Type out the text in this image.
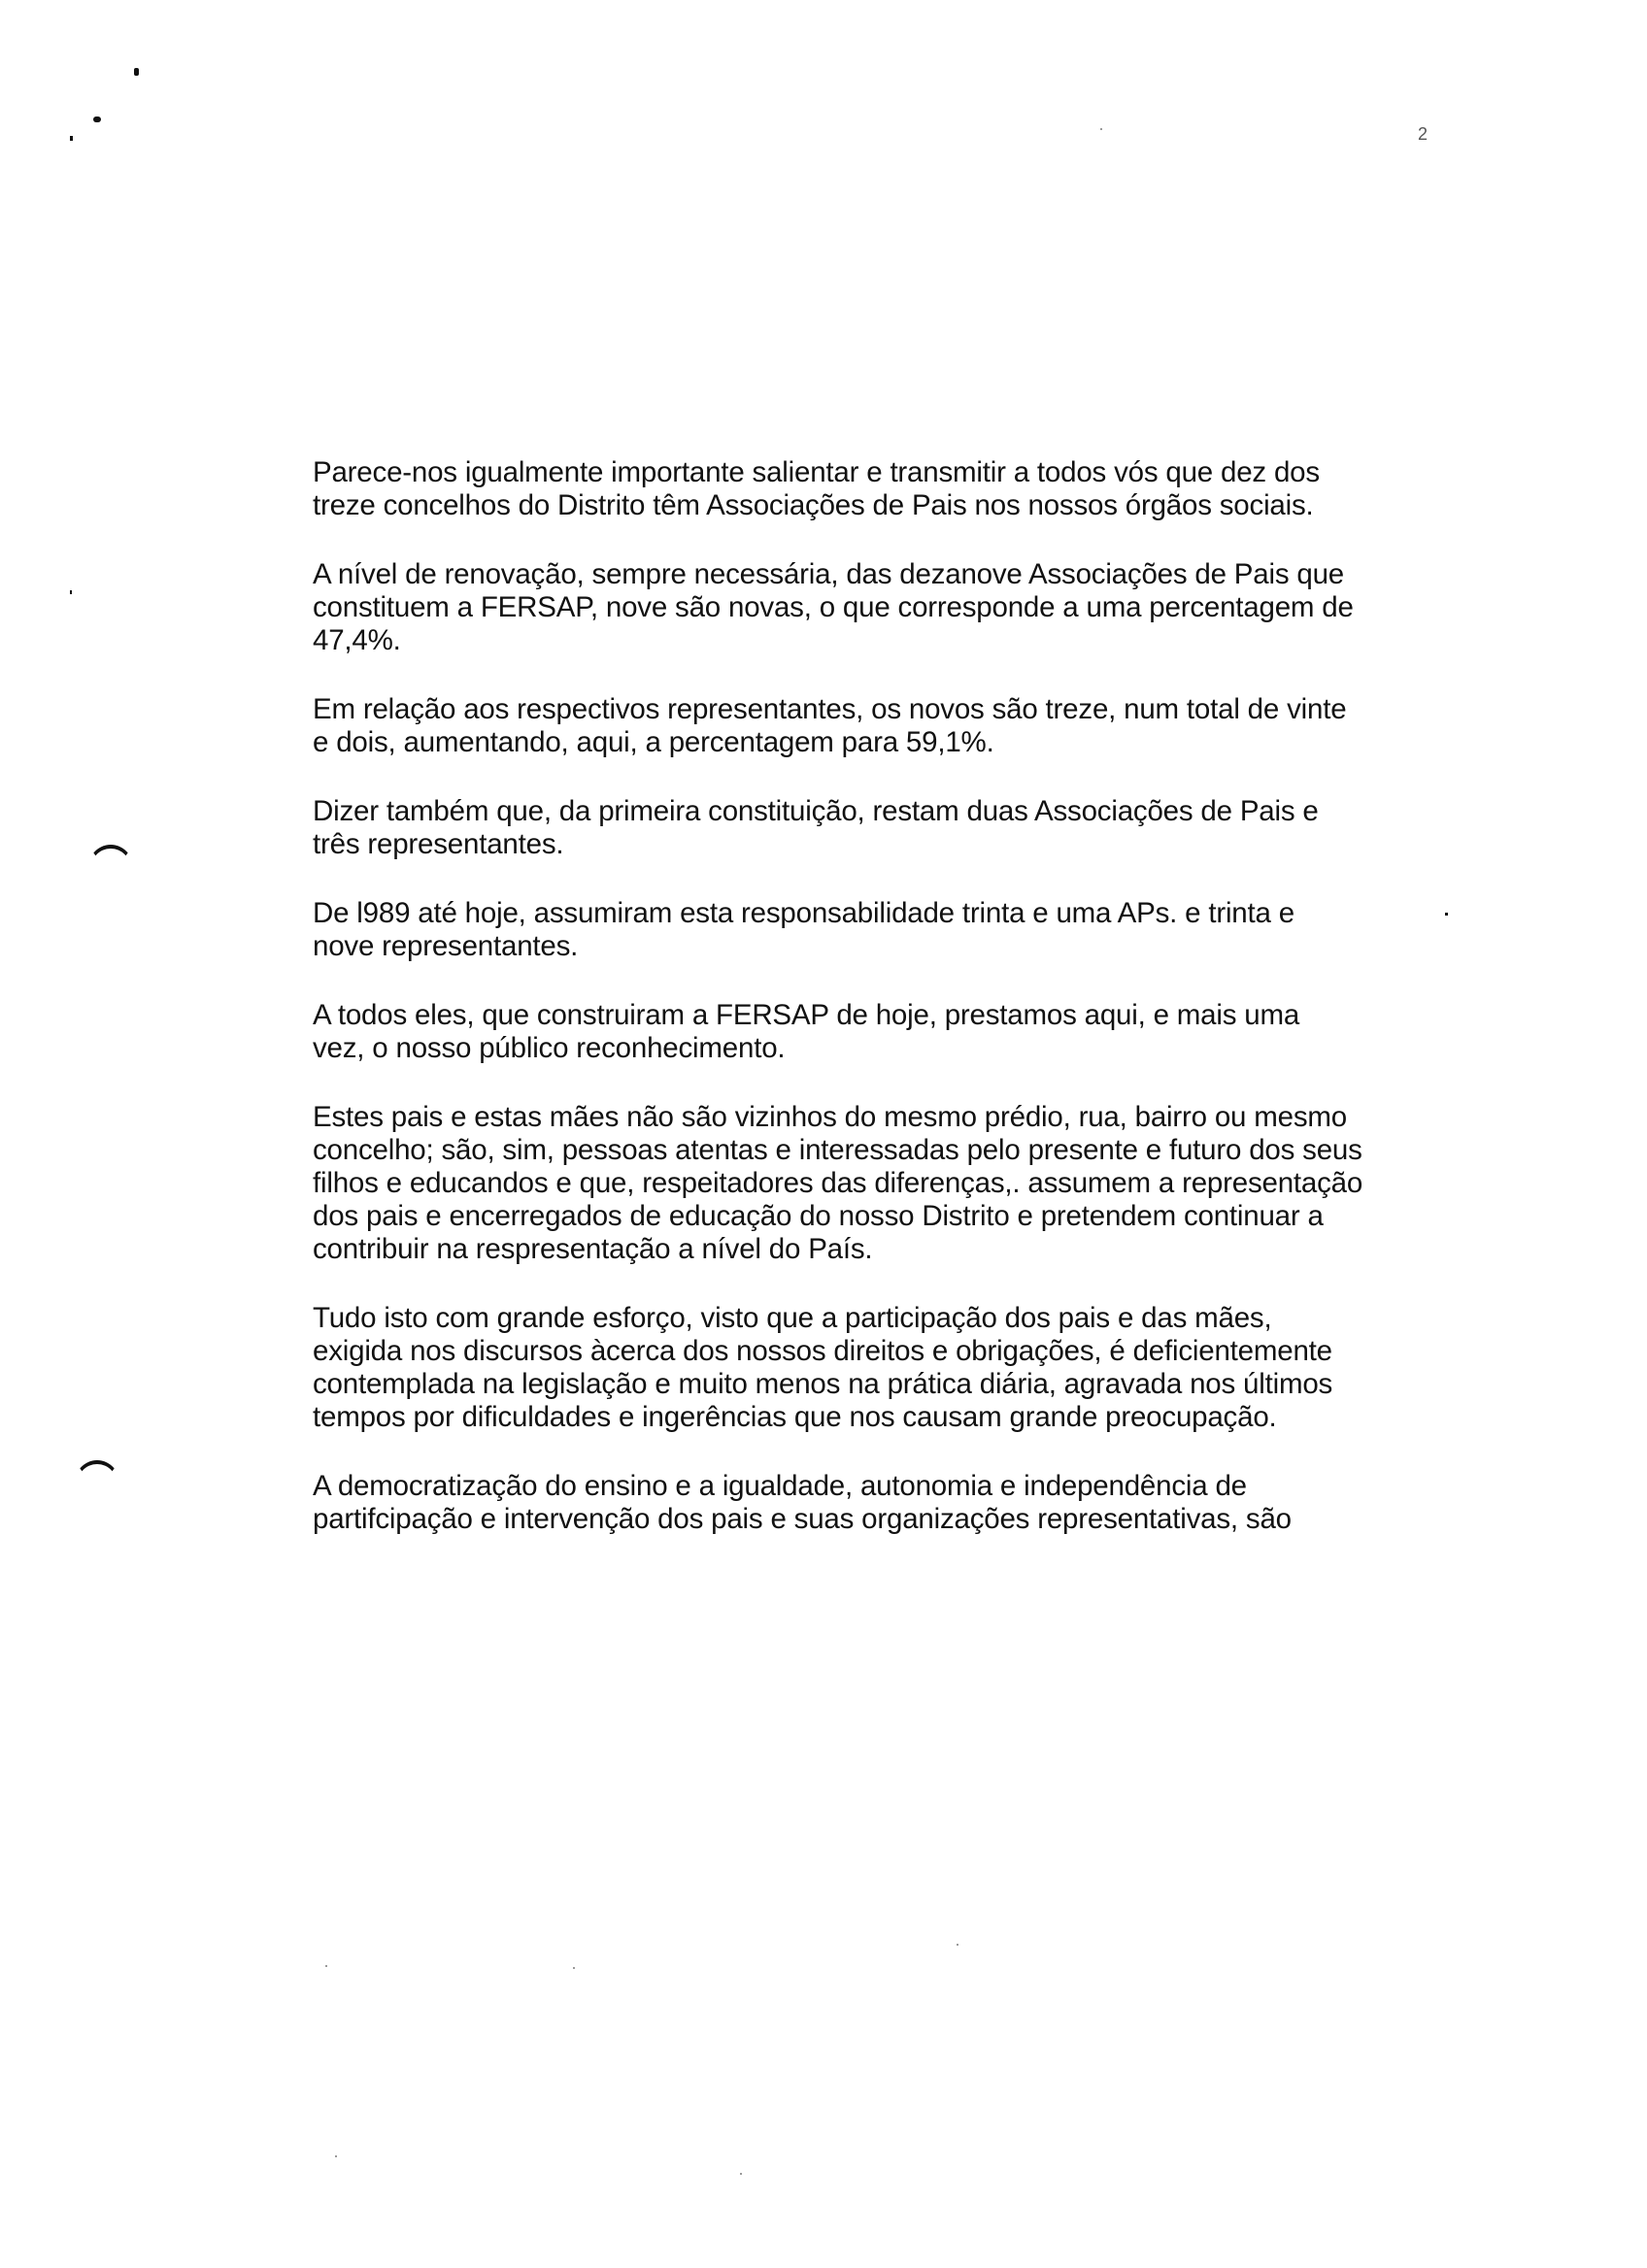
2

Parece-nos igualmente importante salientar e transmitir a todos vós que dez dos
treze concelhos do Distrito têm Associações de Pais nos nossos órgãos sociais.

A nível de renovação, sempre necessária, das dezanove Associações de Pais que
constituem a FERSAP, nove são novas, o que corresponde a uma percentagem de
47,4%.

Em relação aos respectivos representantes, os novos são treze, num total de vinte
e dois, aumentando, aqui, a percentagem para 59,1%.

Dizer também que, da primeira constituição, restam duas Associações de Pais e
três representantes.

De l989 até hoje, assumiram esta responsabilidade trinta e uma APs. e trinta e
nove representantes.

A todos eles, que construiram a FERSAP de hoje, prestamos aqui, e mais uma
vez, o nosso público reconhecimento.

Estes pais e estas mães não são vizinhos do mesmo prédio, rua, bairro ou mesmo
concelho; são, sim, pessoas atentas e interessadas pelo presente e futuro dos seus
filhos e educandos e que, respeitadores das diferenças,. assumem a representação
dos pais e encerregados de educação do nosso Distrito e pretendem continuar a
contribuir na respresentação a nível do País.

Tudo isto com grande esforço, visto que a participação dos pais e das mães,
exigida nos discursos àcerca dos nossos direitos e obrigações, é deficientemente
contemplada na legislação e muito menos na prática diária, agravada nos últimos
tempos por dificuldades e ingerências que nos causam grande preocupação.

A democratização do ensino e a igualdade, autonomia e independência de
partifcipação e intervenção dos pais e suas organizações representativas, são
